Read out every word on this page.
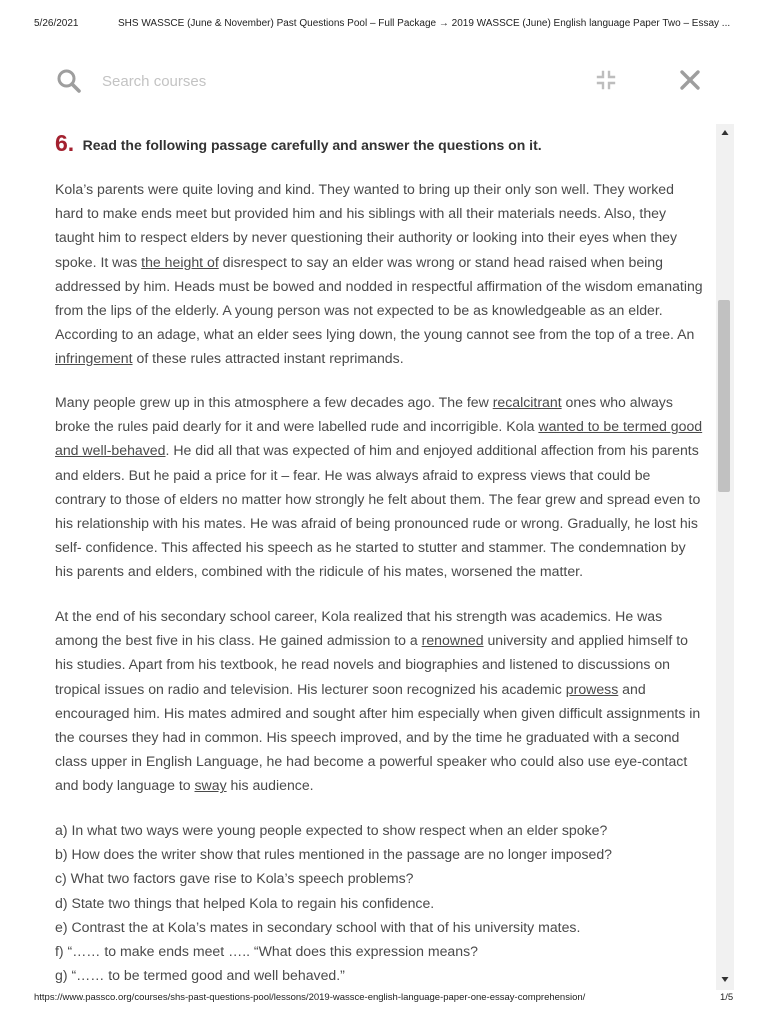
5/26/2021	SHS WASSCE (June & November) Past Questions Pool – Full Package → 2019 WASSCE (June) English language Paper Two – Essay ...
Search courses
6. Read the following passage carefully and answer the questions on it.

Kola’s parents were quite loving and kind. They wanted to bring up their only son well. They worked hard to make ends meet but provided him and his siblings with all their materials needs. Also, they taught him to respect elders by never questioning their authority or looking into their eyes when they spoke. It was the height of disrespect to say an elder was wrong or stand head raised when being addressed by him. Heads must be bowed and nodded in respectful affirmation of the wisdom emanating from the lips of the elderly. A young person was not expected to be as knowledgeable as an elder. According to an adage, what an elder sees lying down, the young cannot see from the top of a tree. An infringement of these rules attracted instant reprimands.

Many people grew up in this atmosphere a few decades ago. The few recalcitrant ones who always broke the rules paid dearly for it and were labelled rude and incorrigible. Kola wanted to be termed good and well-behaved. He did all that was expected of him and enjoyed additional affection from his parents and elders. But he paid a price for it – fear. He was always afraid to express views that could be contrary to those of elders no matter how strongly he felt about them. The fear grew and spread even to his relationship with his mates. He was afraid of being pronounced rude or wrong. Gradually, he lost his self- confidence. This affected his speech as he started to stutter and stammer. The condemnation by his parents and elders, combined with the ridicule of his mates, worsened the matter.

At the end of his secondary school career, Kola realized that his strength was academics. He was among the best five in his class. He gained admission to a renowned university and applied himself to his studies. Apart from his textbook, he read novels and biographies and listened to discussions on tropical issues on radio and television. His lecturer soon recognized his academic prowess and encouraged him. His mates admired and sought after him especially when given difficult assignments in the courses they had in common. His speech improved, and by the time he graduated with a second class upper in English Language, he had become a powerful speaker who could also use eye-contact and body language to sway his audience.

a) In what two ways were young people expected to show respect when an elder spoke?
b) How does the writer show that rules mentioned in the passage are no longer imposed?
c) What two factors gave rise to Kola’s speech problems?
d) State two things that helped Kola to regain his confidence.
e) Contrast the at Kola’s mates in secondary school with that of his university mates.
f) “…… to make ends meet ….. “What does this expression means?
g) “…… to be termed good and well behaved.”
https://www.passco.org/courses/shs-past-questions-pool/lessons/2019-wassce-english-language-paper-one-essay-comprehension/	1/5
